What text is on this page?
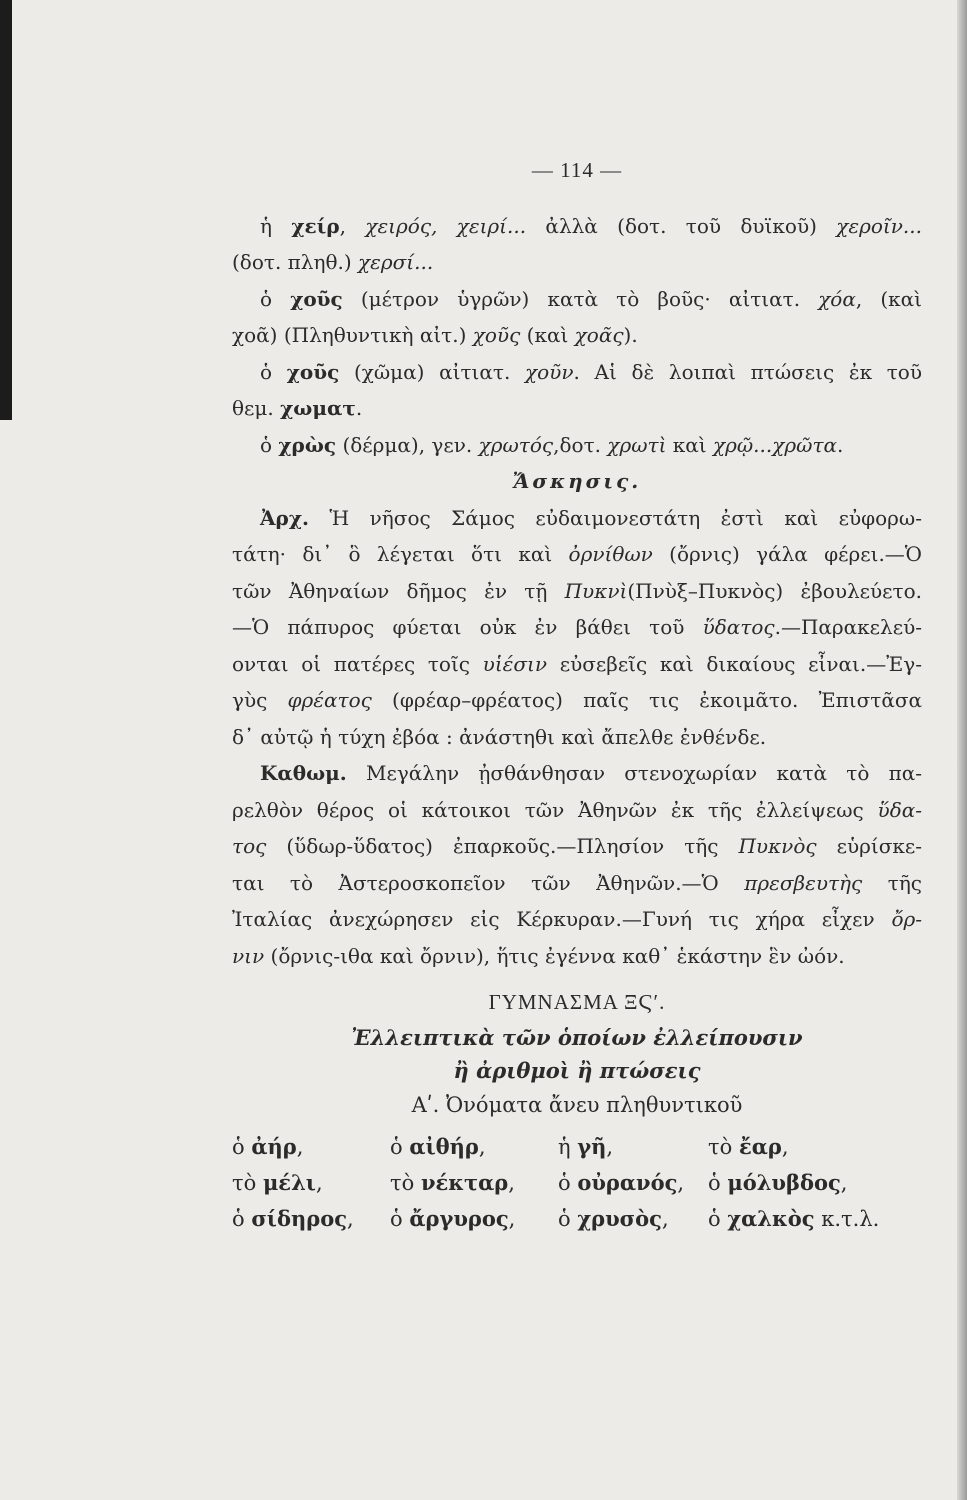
— 114 —
ἡ χείρ, χειρός, χειρί... ἀλλὰ (δοτ. τοῦ δυϊκοῦ) χεροῖν...
(δοτ. πληθ.) χερσί...
ὁ χοῦς (μέτρον ὑγρῶν) κατὰ τὸ βοῦς· αἰτιατ. χόα, (καὶ
χοᾶ) (Πληθυντικὴ αἰτ.) χοῦς (καὶ χοᾶς).
ὁ χοῦς (χῶμα) αἰτιατ. χοῦν. Αἱ δὲ λοιπαὶ πτώσεις ἐκ τοῦ
θεμ. χωματ.
ὁ χρὼς (δέρμα), γεν. χρωτός,δοτ. χρωτὶ καὶ χρῷ...χρῶτα.
Ἄσκησις.
Ἀρχ. Ἡ νῆσος Σάμος εὐδαιμονεστάτη ἐστὶ καὶ εὐφορω-
τάτη· δι᾿ ὃ λέγεται ὅτι καὶ ὀρνίθων (ὄρνις) γάλα φέρει.—Ὁ
τῶν Ἀθηναίων δῆμος ἐν τῇ Πυκνὶ(Πνὺξ–Πυκνὸς) ἐβουλεύετο.
—Ὁ πάπυρος φύεται οὐκ ἐν βάθει τοῦ ὕδατος.—Παρακελεύ-
ονται οἱ πατέρες τοῖς υἱέσιν εὐσεβεῖς καὶ δικαίους εἶναι.—Ἐγ-
γὺς φρέατος (φρέαρ–φρέατος) παῖς τις ἐκοιμᾶτο. Ἐπιστᾶσα
δ᾿ αὐτῷ ἡ τύχη ἐβόα : ἀνάστηθι καὶ ἄπελθε ἐνθένδε.
Καθωμ. Μεγάλην ᾐσθάνθησαν στενοχωρίαν κατὰ τὸ πα-
ρελθὸν θέρος οἱ κάτοικοι τῶν Ἀθηνῶν ἐκ τῆς ἐλλείψεως ὕδα-
τος (ὕδωρ-ὕδατος) ἐπαρκοῦς.—Πλησίον τῆς Πυκνὸς εὑρίσκε-
ται τὸ Ἀστεροσκοπεῖον τῶν Ἀθηνῶν.—Ὁ πρεσβευτὴς τῆς
Ἰταλίας ἀνεχώρησεν εἰς Κέρκυραν.—Γυνή τις χήρα εἶχεν ὄρ-
νιν (ὄρνις-ιθα καὶ ὄρνιν), ἥτις ἐγέννα καθ᾿ ἑκάστην ἓν ὠόν.
ΓΥΜΝΑΣΜΑ ΞϚʹ.
Ἐλλειπτικὰ τῶν ὁποίων ἐλλείπουσιν
ἢ ἀριθμοὶ ἢ πτώσεις
Αʹ. Ὀνόματα ἄνευ πληθυντικοῦ
ὁ ἀήρ,	ὁ αἰθήρ,	ἡ γῆ,	τὸ ἔαρ,
τὸ μέλι,	τὸ νέκταρ,	ὁ οὐρανός,	ὁ μόλυβδος,
ὁ σίδηρος,	ὁ ἄργυρος,	ὁ χρυσὸς,	ὁ χαλκὸς κ.τ.λ.
